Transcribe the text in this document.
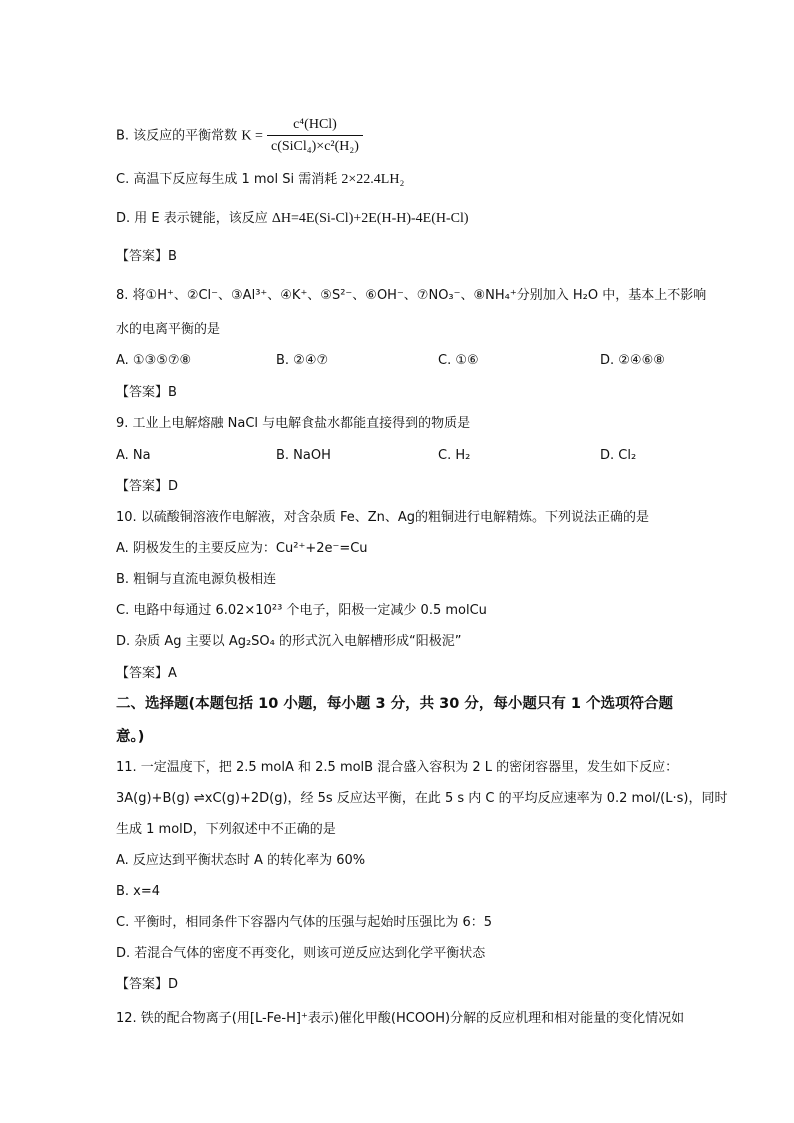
B. 该反应的平衡常数 $K = \frac{\text{c⁴(HCl)}}{\text{c(SiCl₄)×c²(H₂)}}$
C. 高温下反应每生成 1 mol Si 需消耗 2×22.4LH₂
D. 用 E 表示键能，该反应 ΔH=4E(Si-Cl)+2E(H-H)-4E(H-Cl)
【答案】B
8. 将①H⁺、②Cl⁻、③Al³⁺、④K⁺、⑤S²⁻、⑥OH⁻、⑦NO₃⁻、⑧NH₄⁺分别加入 H₂O 中，基本上不影响
水的电离平衡的是
A. ①③⑤⑦⑧	B. ②④⑦	C. ①⑥	D. ②④⑥⑧
【答案】B
9. 工业上电解熔融 NaCl 与电解食盐水都能直接得到的物质是
A. Na	B. NaOH	C. H₂	D. Cl₂
【答案】D
10. 以硫酸铜溶液作电解液，对含杂质 Fe、Zn、Ag的粗铜进行电解精炼。下列说法正确的是
A. 阴极发生的主要反应为：Cu²⁺+2e⁻=Cu
B. 粗铜与直流电源负极相连
C. 电路中每通过 6.02×10²³ 个电子，阳极一定减少 0.5 molCu
D. 杂质 Ag 主要以 Ag₂SO₄ 的形式沉入电解槽形成“阳极泥”
【答案】A
二、选择题(本题包括 10 小题，每小题 3 分，共 30 分，每小题只有 1 个选项符合题
意。)
11. 一定温度下，把 2.5 molA 和 2.5 molB 混合盛入容积为 2 L 的密闭容器里，发生如下反应：
3A(g)+B(g) ⇌xC(g)+2D(g)，经 5s 反应达平衡，在此 5 s 内 C 的平均反应速率为 0.2 mol/(L·s)，同时
生成 1 molD，下列叙述中不正确的是
A. 反应达到平衡状态时 A 的转化率为 60%
B. x=4
C. 平衡时，相同条件下容器内气体的压强与起始时压强比为 6：5
D. 若混合气体的密度不再变化，则该可逆反应达到化学平衡状态
【答案】D
12. 铁的配合物离子(用[L-Fe-H]⁺表示)催化甲酸(HCOOH)分解的反应机理和相对能量的变化情况如
